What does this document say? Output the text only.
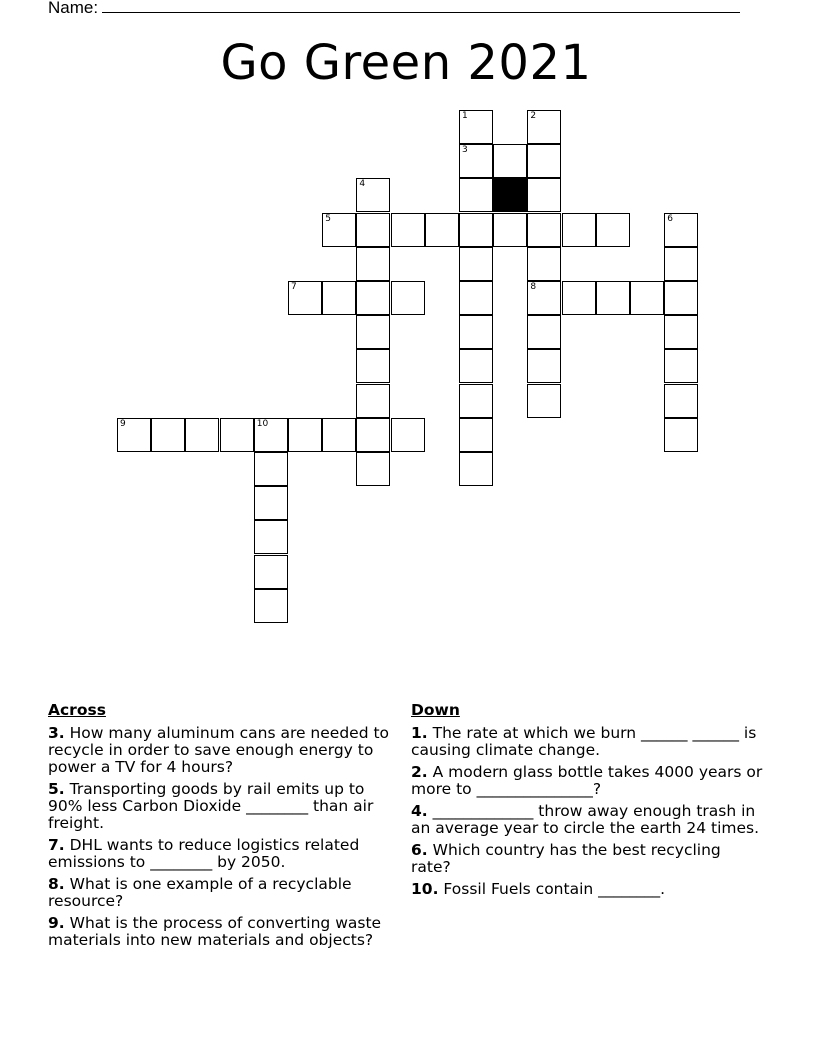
Name:
Go Green 2021
1	2
3
4
5	6
7	8
9	10
Across
3. How many aluminum cans are needed to recycle in order to save enough energy to power a TV for 4 hours?
5. Transporting goods by rail emits up to 90% less Carbon Dioxide ________ than air freight.
7. DHL wants to reduce logistics related emissions to ________ by 2050.
8. What is one example of a recyclable resource?
9. What is the process of converting waste materials into new materials and objects?
Down
1. The rate at which we burn ______ ______ is causing climate change.
2. A modern glass bottle takes 4000 years or more to _______________?
4. _____________ throw away enough trash in an average year to circle the earth 24 times.
6. Which country has the best recycling rate?
10. Fossil Fuels contain ________.
